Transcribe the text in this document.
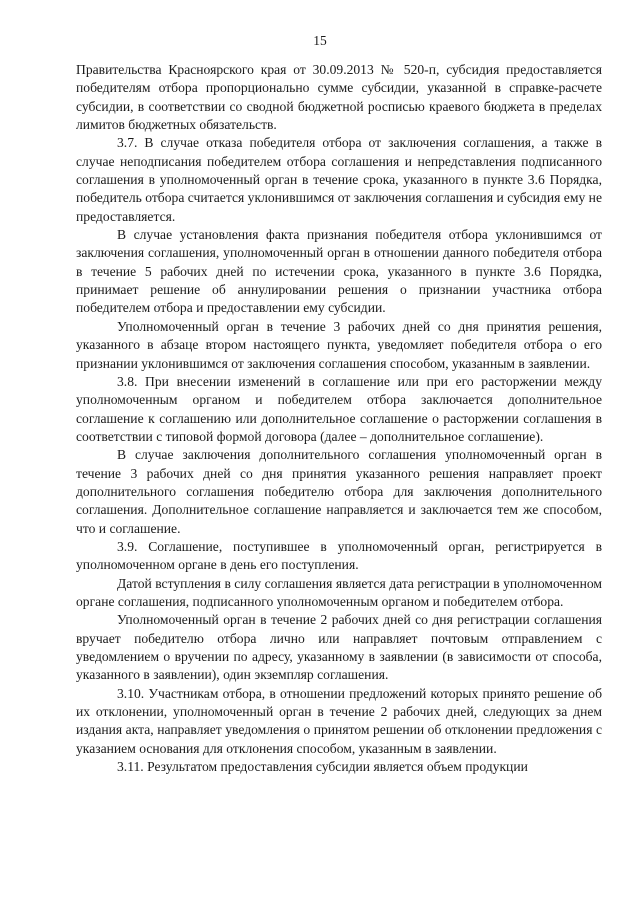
15

Правительства Красноярского края от 30.09.2013 № 520-п, субсидия предоставляется победителям отбора пропорционально сумме субсидии, указанной в справке-расчете субсидии, в соответствии со сводной бюджетной росписью краевого бюджета в пределах лимитов бюджетных обязательств.

3.7. В случае отказа победителя отбора от заключения соглашения, а также в случае неподписания победителем отбора соглашения и непредставления подписанного соглашения в уполномоченный орган в течение срока, указанного в пункте 3.6 Порядка, победитель отбора считается уклонившимся от заключения соглашения и субсидия ему не предоставляется.

В случае установления факта признания победителя отбора уклонившимся от заключения соглашения, уполномоченный орган в отношении данного победителя отбора в течение 5 рабочих дней по истечении срока, указанного в пункте 3.6 Порядка, принимает решение об аннулировании решения о признании участника отбора победителем отбора и предоставлении ему субсидии.

Уполномоченный орган в течение 3 рабочих дней со дня принятия решения, указанного в абзаце втором настоящего пункта, уведомляет победителя отбора о его признании уклонившимся от заключения соглашения способом, указанным в заявлении.

3.8. При внесении изменений в соглашение или при его расторжении между уполномоченным органом и победителем отбора заключается дополнительное соглашение к соглашению или дополнительное соглашение о расторжении соглашения в соответствии с типовой формой договора (далее – дополнительное соглашение).

В случае заключения дополнительного соглашения уполномоченный орган в течение 3 рабочих дней со дня принятия указанного решения направляет проект дополнительного соглашения победителю отбора для заключения дополнительного соглашения. Дополнительное соглашение направляется и заключается тем же способом, что и соглашение.

3.9. Соглашение, поступившее в уполномоченный орган, регистрируется в уполномоченном органе в день его поступления.

Датой вступления в силу соглашения является дата регистрации в уполномоченном органе соглашения, подписанного уполномоченным органом и победителем отбора.

Уполномоченный орган в течение 2 рабочих дней со дня регистрации соглашения вручает победителю отбора лично или направляет почтовым отправлением с уведомлением о вручении по адресу, указанному в заявлении (в зависимости от способа, указанного в заявлении), один экземпляр соглашения.

3.10. Участникам отбора, в отношении предложений которых принято решение об их отклонении, уполномоченный орган в течение 2 рабочих дней, следующих за днем издания акта, направляет уведомления о принятом решении об отклонении предложения с указанием основания для отклонения способом, указанным в заявлении.

3.11. Результатом предоставления субсидии является объем продукции
